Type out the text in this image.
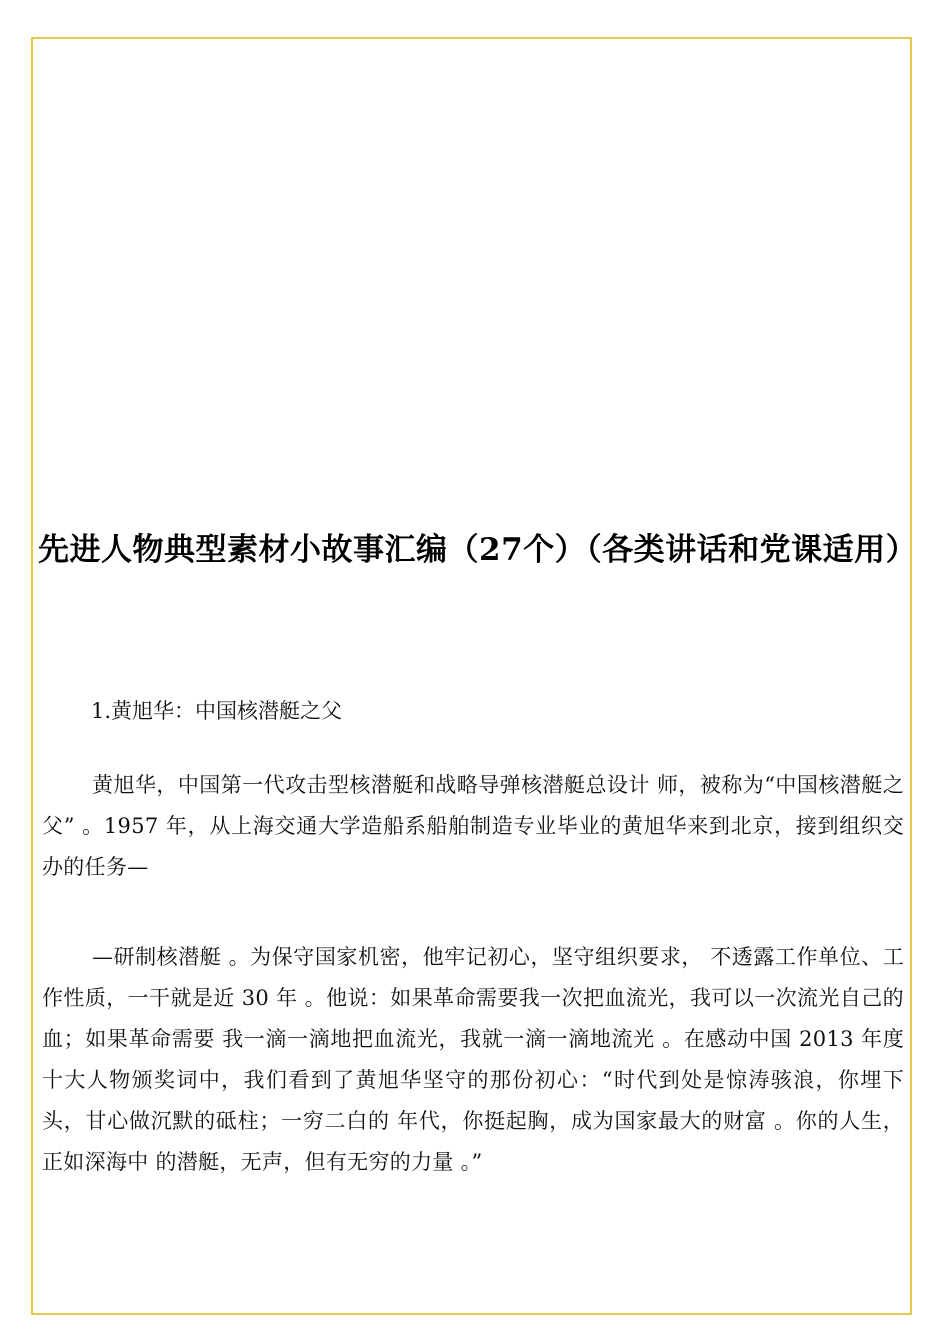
先进人物典型素材小故事汇编（27个）（各类讲话和党课适用）
1.黄旭华：中国核潜艇之父
黄旭华，中国第一代攻击型核潜艇和战略导弹核潜艇总设计 师，被称为“中国核潜艇之父” 。1957 年，从上海交通大学造船系船舶制造专业毕业的黄旭华来到北京，接到组织交办的任务—
—研制核潜艇 。为保守国家机密，他牢记初心，坚守组织要求， 不透露工作单位、工作性质，一干就是近 30 年 。他说：如果革命需要我一次把血流光，我可以一次流光自己的血；如果革命需要 我一滴一滴地把血流光，我就一滴一滴地流光 。在感动中国 2013 年度十大人物颁奖词中，我们看到了黄旭华坚守的那份初心：“时代到处是惊涛骇浪，你埋下头，甘心做沉默的砥柱；一穷二白的 年代，你挺起胸，成为国家最大的财富 。你的人生，正如深海中 的潜艇，无声，但有无穷的力量 。”
